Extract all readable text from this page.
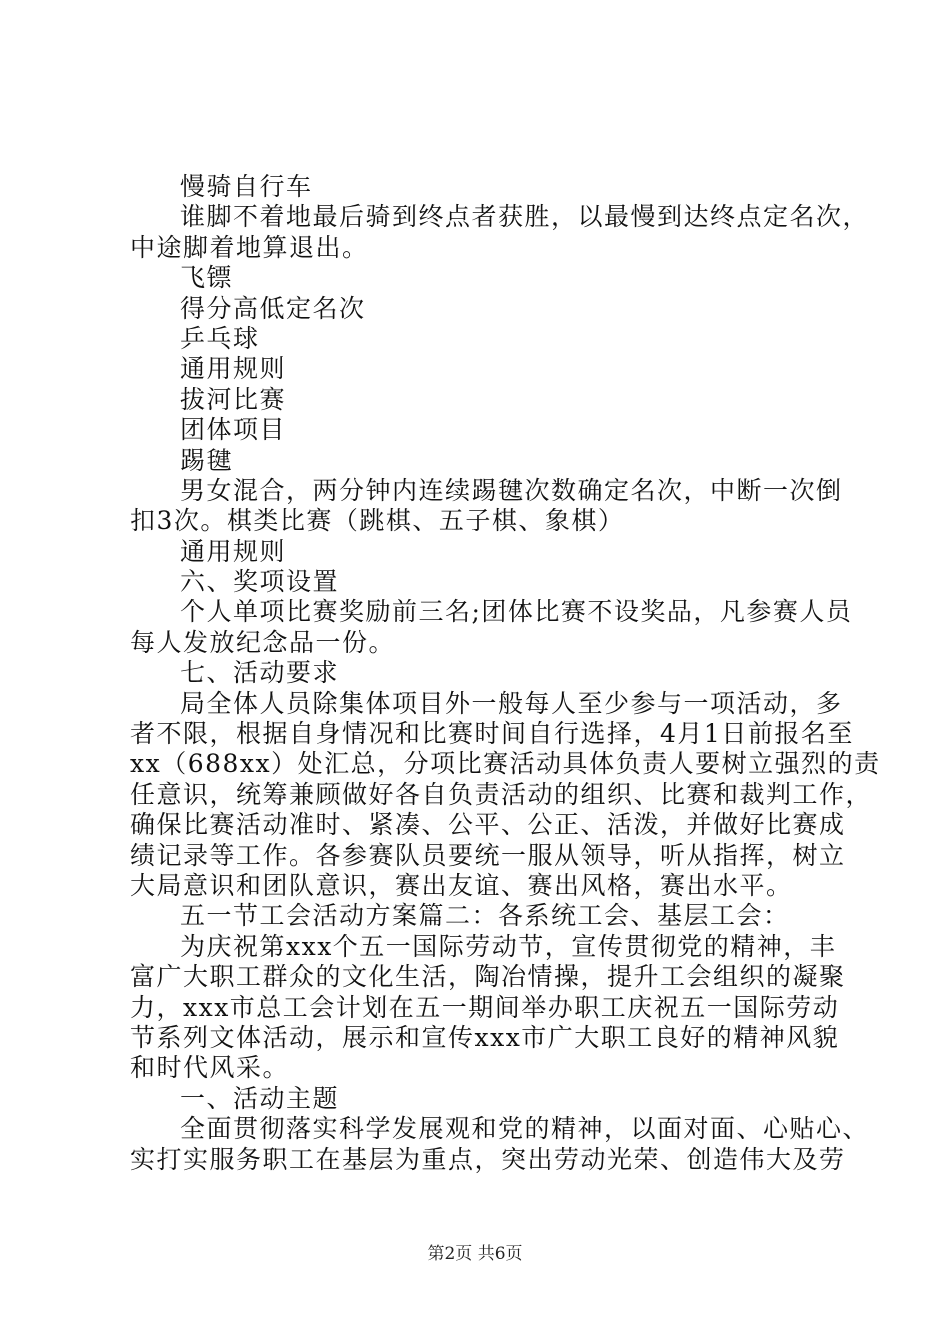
慢骑自行车
谁脚不着地最后骑到终点者获胜，以最慢到达终点定名次，
中途脚着地算退出。
飞镖
得分高低定名次
乒乓球
通用规则
拔河比赛
团体项目
踢毽
男女混合，两分钟内连续踢毽次数确定名次，中断一次倒
扣3次。棋类比赛（跳棋、五子棋、象棋）
通用规则
六、奖项设置
个人单项比赛奖励前三名;团体比赛不设奖品，凡参赛人员
每人发放纪念品一份。
七、活动要求
局全体人员除集体项目外一般每人至少参与一项活动，多
者不限，根据自身情况和比赛时间自行选择，4月1日前报名至
xx（688xx）处汇总，分项比赛活动具体负责人要树立强烈的责
任意识，统筹兼顾做好各自负责活动的组织、比赛和裁判工作，
确保比赛活动准时、紧凑、公平、公正、活泼，并做好比赛成
绩记录等工作。各参赛队员要统一服从领导，听从指挥，树立
大局意识和团队意识，赛出友谊、赛出风格，赛出水平。
五一节工会活动方案篇二：各系统工会、基层工会：
为庆祝第xxx个五一国际劳动节，宣传贯彻党的精神，丰
富广大职工群众的文化生活，陶冶情操，提升工会组织的凝聚
力，xxx市总工会计划在五一期间举办职工庆祝五一国际劳动
节系列文体活动，展示和宣传xxx市广大职工良好的精神风貌
和时代风采。
一、活动主题
全面贯彻落实科学发展观和党的精神，以面对面、心贴心、
实打实服务职工在基层为重点，突出劳动光荣、创造伟大及劳
第2页 共6页
